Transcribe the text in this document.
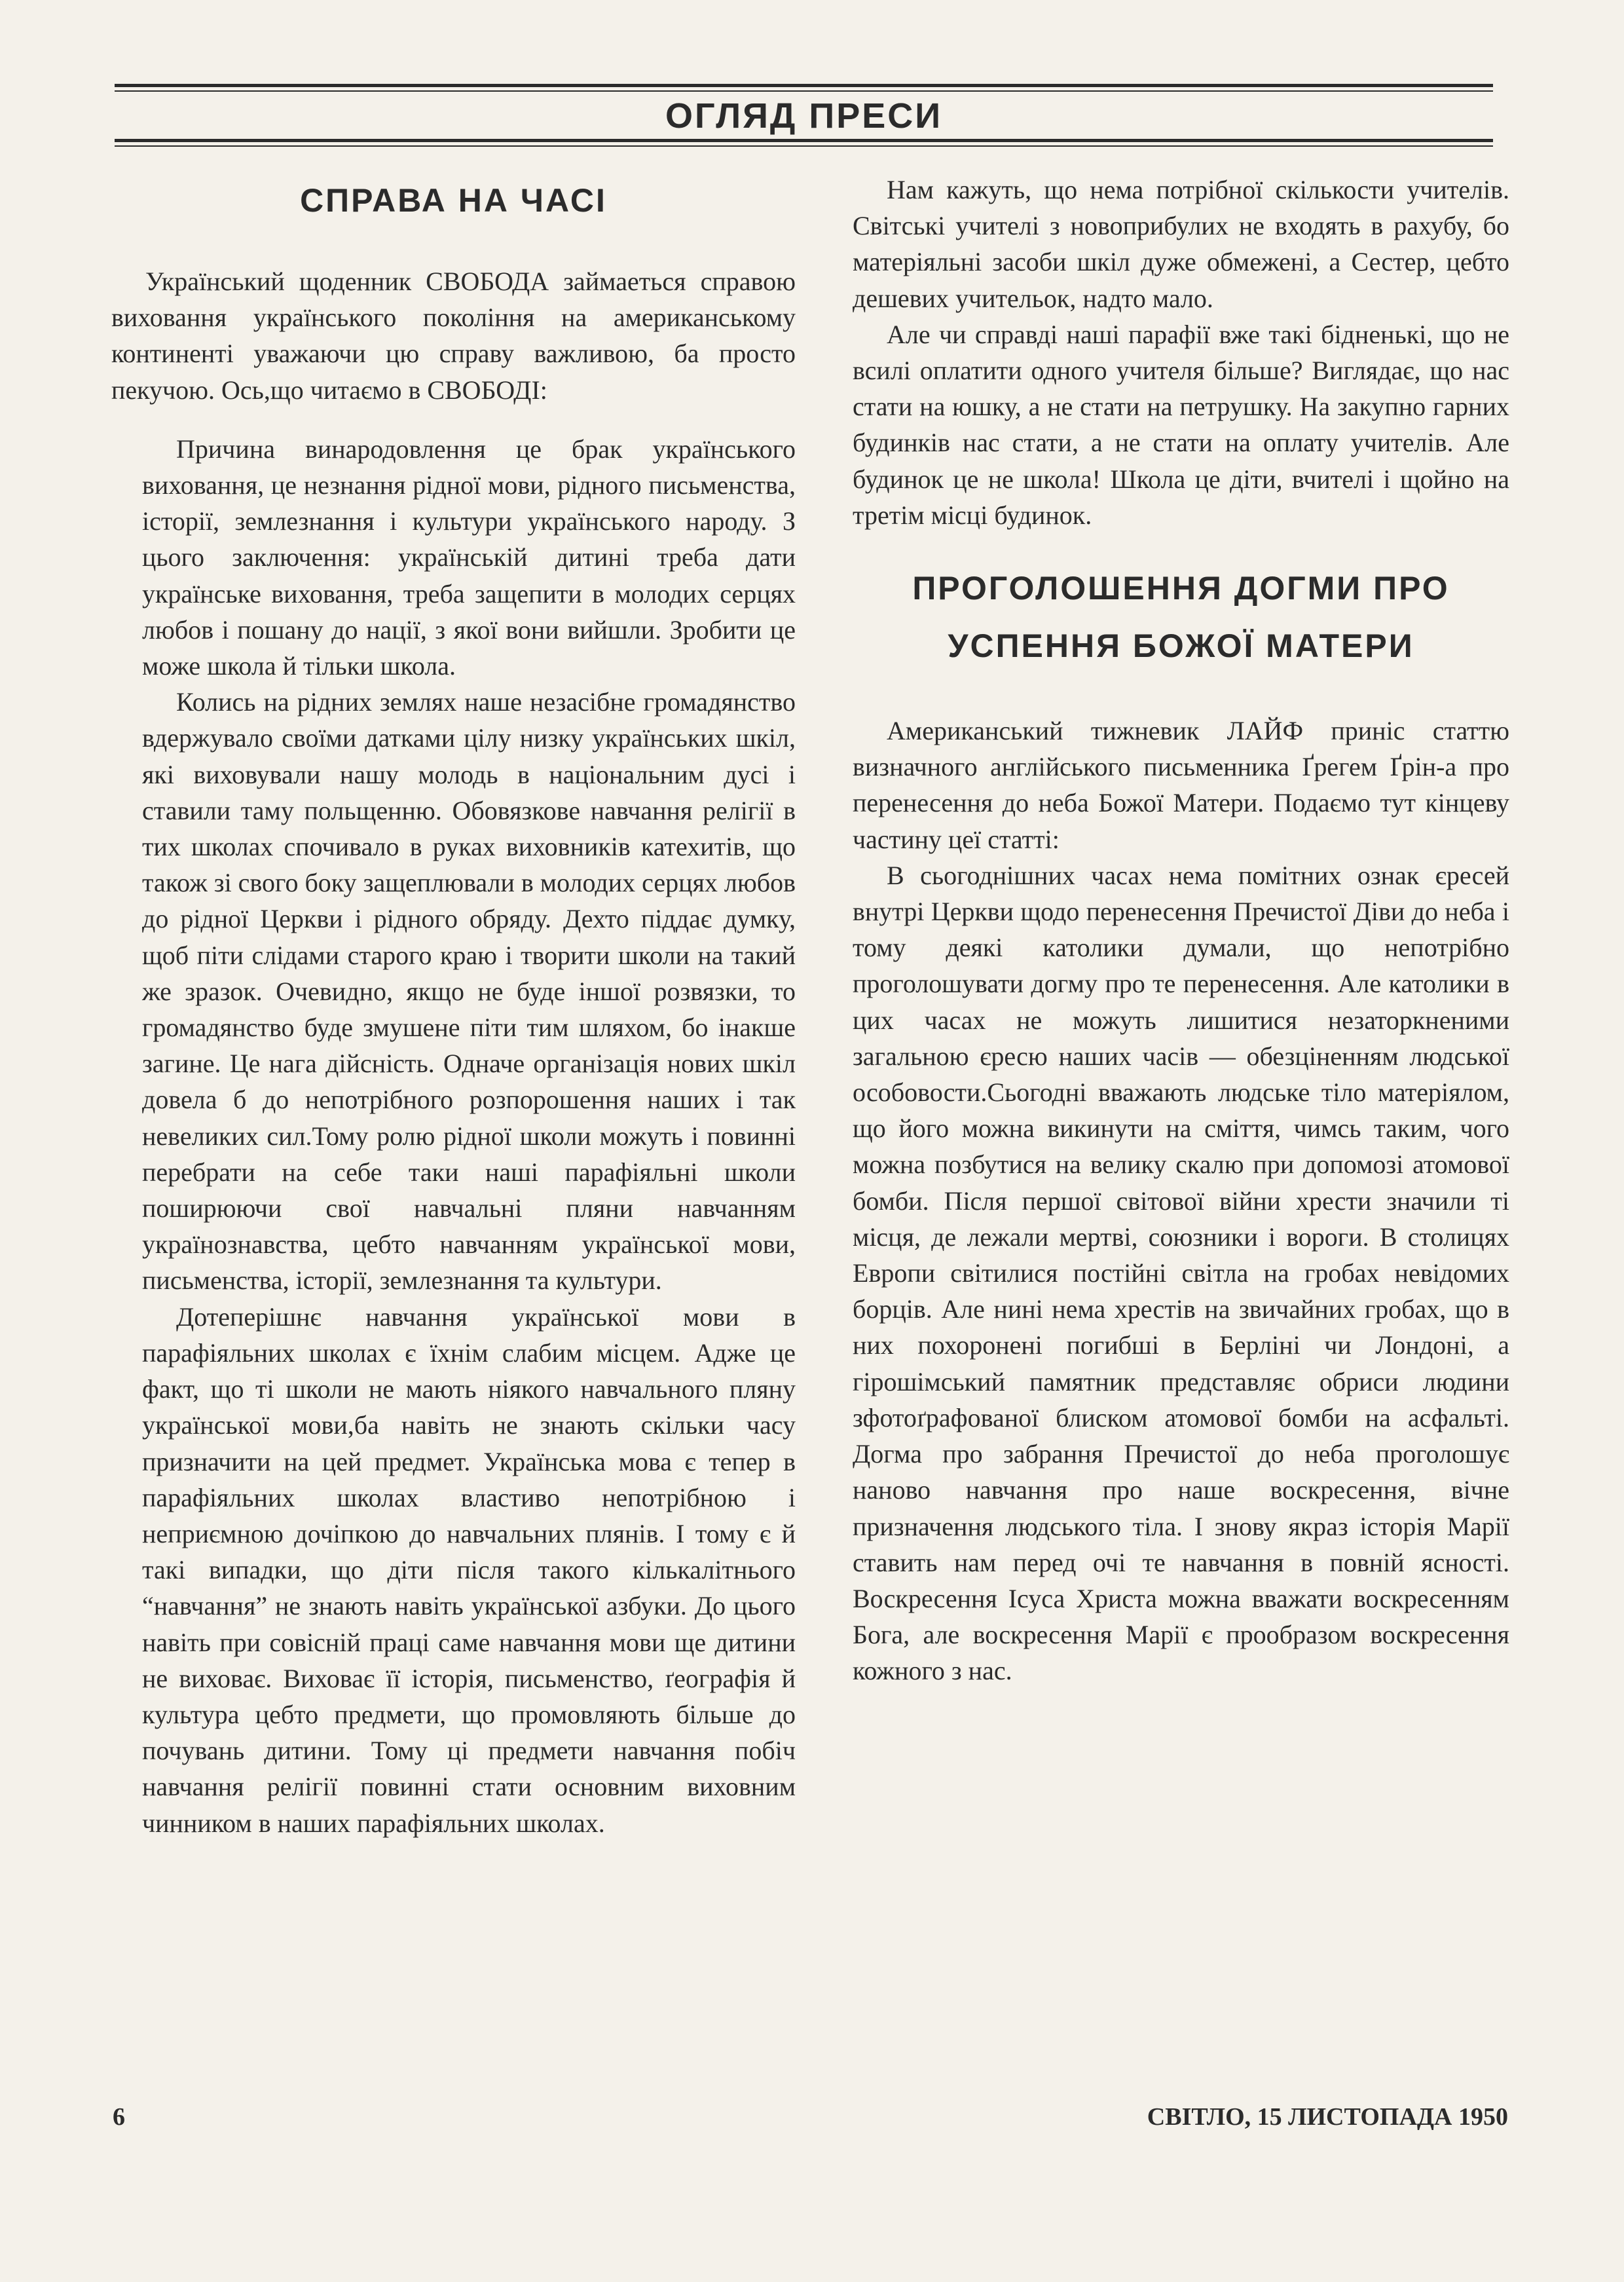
ОГЛЯД ПРЕСИ
СПРАВА НА ЧАСІ

Український щоденник СВОБОДА займаеться справою виховання українського покоління на американському континенті уважаючи цю справу важливою, ба просто пекучою. Ось,що читаємо в СВОБОДІ:

Причина винародовлення це брак українського виховання, це незнання рідної мови, рідного письменства, історії, землезнання і культури українського народу. З цього заключення: українській дитині треба дати українське виховання, треба защепити в молодих серцях любов і пошану до нації, з якої вони вийшли. Зробити це може школа й тільки школа.

Колись на рідних землях наше незасібне громадянство вдержувало своїми датками цілу низку українських шкіл, які виховували нашу молодь в національним дусі і ставили таму польщенню. Обовязкове навчання релігії в тих школах спочивало в руках виховників катехитів, що також зі свого боку защеплювали в молодих серцях любов до рідної Церкви і рідного обряду. Дехто піддає думку, щоб піти слідами старого краю і творити школи на такий же зразок. Очевидно, якщо не буде іншої розвязки, то громадянство буде змушене піти тим шляхом, бо інакше загине. Це нага дійсність. Одначе організація нових шкіл довела б до непотрібного розпорошення наших і так невеликих сил.Тому ролю рідної школи можуть і повинні перебрати на себе таки наші парафіяльні школи поширюючи свої навчальні пляни навчанням українознавства, цебто навчанням української мови, письменства, історії, землезнання та культури.

Дотеперішнє навчання української мови в парафіяльних школах є їхнім слабим місцем. Адже це факт, що ті школи не мають ніякого навчального пляну української мови,ба навіть не знають скільки часу призначити на цей предмет. Українська мова є тепер в парафіяльних школах властиво непотрібною і неприємною дочіпкою до навчальних плянів. І тому є й такі випадки, що діти після такого кількалітнього “навчання” не знають навіть української азбуки. До цього навіть при совісній праці саме навчання мови ще дитини не виховає. Виховає її історія, письменство, ґеографія й культура цебто предмети, що промовляють більше до почувань дитини. Тому ці предмети навчання побіч навчання релігії повинні стати основним виховним чинником в наших парафіяльних школах.

Нам кажуть, що нема потрібної скількости учителів. Світські учителі з новоприбулих не входять в рахубу, бо матеріяльні засоби шкіл дуже обмежені, а Сестер, цебто дешевих учительок, надто мало.

Але чи справді наші парафії вже такі бідненькі, що не всилі оплатити одного учителя більше? Виглядає, що нас стати на юшку, а не стати на петрушку. На закупно гарних будинків нас стати, а не стати на оплату учителів. Але будинок це не школа! Школа це діти, вчителі і щойно на третім місці будинок.

ПРОГОЛОШЕННЯ ДОГМИ ПРО
УСПЕННЯ БОЖОЇ МАТЕРИ

Американський тижневик ЛАЙФ приніс статтю визначного англійського письменника Ґрегем Ґрін-а про перенесення до неба Божої Матери. Подаємо тут кінцеву частину цеї статті:

В сьогоднішних часах нема помітних ознак єресей внутрі Церкви щодо перенесення Пречистої Діви до неба і тому деякі католики думали, що непотрібно проголошувати догму про те перенесення. Але католики в цих часах не можуть лишитися незаторкненими загальною єресю наших часів — обезціненням людської особовости.Сьогодні вважають людське тіло матеріялом, що його можна викинути на сміття, чимсь таким, чого можна позбутися на велику скалю при допомозі атомової бомби. Після першої світової війни хрести значили ті місця, де лежали мертві, союзники і вороги. В столицях Европи світилися постійні світла на гробах невідомих борців. Але нині нема хрестів на звичайних гробах, що в них похоронені погибші в Берліні чи Лондоні, а гірошімський памятник представляє обриси людини зфотоґрафованої блиском атомової бомби на асфальті. Догма про забрання Пречистої до неба проголошує наново навчання про наше воскресення, вічне призначення людського тіла. І знову якраз історія Марії ставить нам перед очі те навчання в повній ясності. Воскресення Ісуса Христа можна вважати воскресенням Бога, але воскресення Марії є прообразом воскресення кожного з нас.

6	СВІТЛО, 15 ЛИСТОПАДА 1950
